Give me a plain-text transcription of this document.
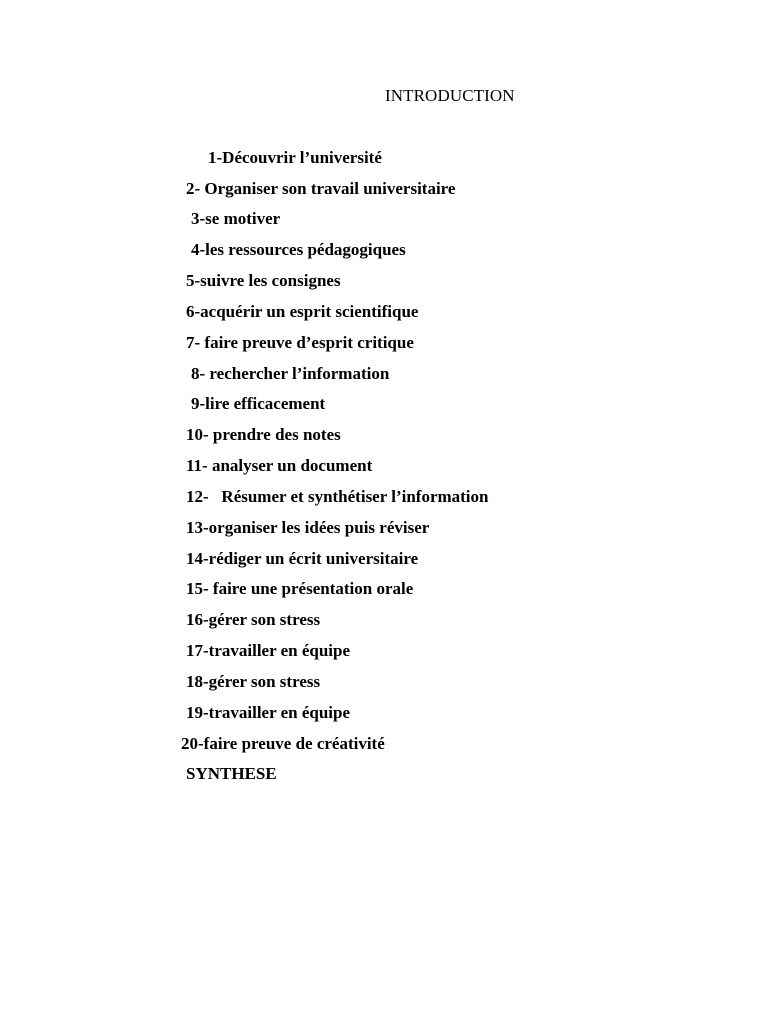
INTRODUCTION
1-Découvrir l’université
2- Organiser son travail universitaire
3-se motiver
4-les ressources pédagogiques
5-suivre les consignes
6-acquérir un esprit scientifique
7- faire preuve d’esprit critique
8- rechercher l’information
9-lire efficacement
10- prendre des notes
11- analyser un document
12-   Résumer et synthétiser l’information
13-organiser les idées puis réviser
14-rédiger un écrit universitaire
15- faire une présentation orale
16-gérer son stress
17-travailler en équipe
18-gérer son stress
19-travailler en équipe
20-faire preuve de créativité
SYNTHESE
